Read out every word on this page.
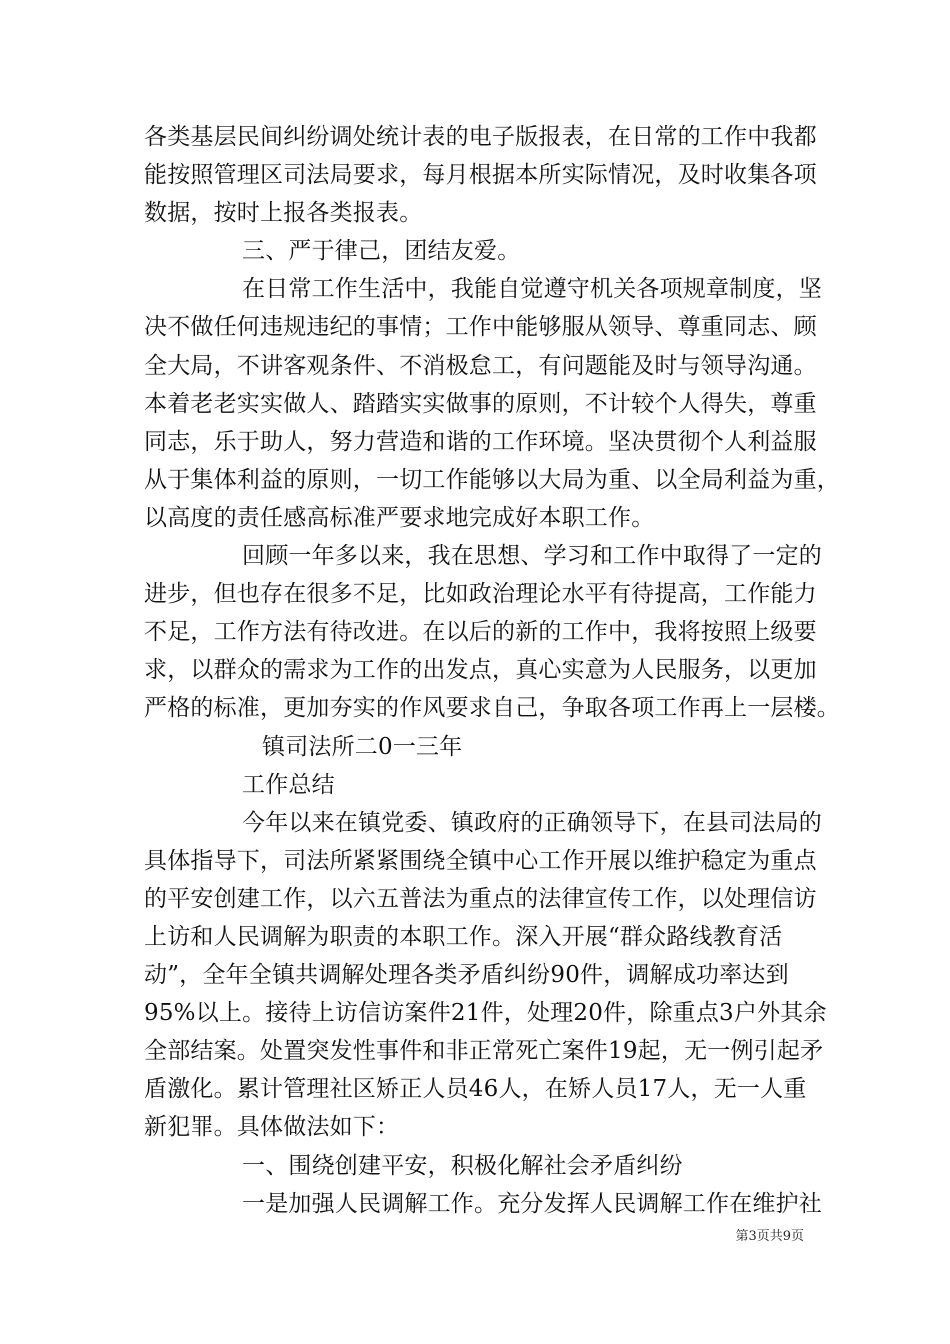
各类基层民间纠纷调处统计表的电子版报表，在日常的工作中我都
能按照管理区司法局要求，每月根据本所实际情况，及时收集各项
数据，按时上报各类报表。
三、严于律己，团结友爱。
在日常工作生活中，我能自觉遵守机关各项规章制度，坚
决不做任何违规违纪的事情；工作中能够服从领导、尊重同志、顾
全大局，不讲客观条件、不消极怠工，有问题能及时与领导沟通。
本着老老实实做人、踏踏实实做事的原则，不计较个人得失，尊重
同志，乐于助人，努力营造和谐的工作环境。坚决贯彻个人利益服
从于集体利益的原则，一切工作能够以大局为重、以全局利益为重，
以高度的责任感高标准严要求地完成好本职工作。
回顾一年多以来，我在思想、学习和工作中取得了一定的
进步，但也存在很多不足，比如政治理论水平有待提高，工作能力
不足，工作方法有待改进。在以后的新的工作中，我将按照上级要
求，以群众的需求为工作的出发点，真心实意为人民服务，以更加
严格的标准，更加夯实的作风要求自己，争取各项工作再上一层楼。
镇司法所二0一三年
工作总结
今年以来在镇党委、镇政府的正确领导下，在县司法局的
具体指导下，司法所紧紧围绕全镇中心工作开展以维护稳定为重点
的平安创建工作，以六五普法为重点的法律宣传工作，以处理信访
上访和人民调解为职责的本职工作。深入开展“群众路线教育活
动”，全年全镇共调解处理各类矛盾纠纷90件，调解成功率达到
95%以上。接待上访信访案件21件，处理20件，除重点3户外其余
全部结案。处置突发性事件和非正常死亡案件19起，无一例引起矛
盾激化。累计管理社区矫正人员46人，在矫人员17人，无一人重
新犯罪。具体做法如下：
一、围绕创建平安，积极化解社会矛盾纠纷
一是加强人民调解工作。充分发挥人民调解工作在维护社
第3页共9页
